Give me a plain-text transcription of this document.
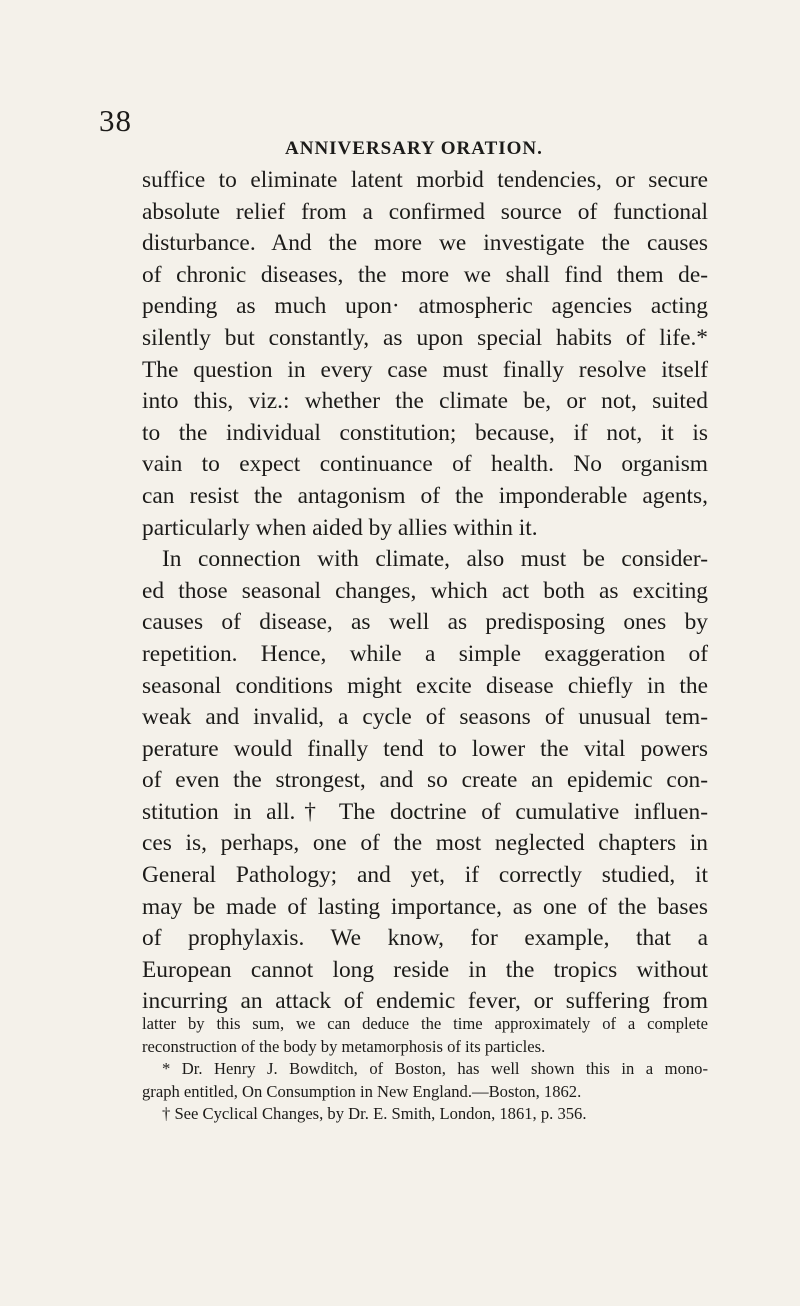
38
ANNIVERSARY ORATION.
suffice to eliminate latent morbid tendencies, or secure
absolute relief from a confirmed source of functional
disturbance. And the more we investigate the causes
of chronic diseases, the more we shall find them de-
pending as much upon· atmospheric agencies acting
silently but constantly, as upon special habits of life.*
The question in every case must finally resolve itself
into this, viz.: whether the climate be, or not, suited
to the individual constitution; because, if not, it is
vain to expect continuance of health. No organism
can resist the antagonism of the imponderable agents,
particularly when aided by allies within it.
In connection with climate, also must be consider-
ed those seasonal changes, which act both as exciting
causes of disease, as well as predisposing ones by
repetition. Hence, while a simple exaggeration of
seasonal conditions might excite disease chiefly in the
weak and invalid, a cycle of seasons of unusual tem-
perature would finally tend to lower the vital powers
of even the strongest, and so create an epidemic con-
stitution in all.† The doctrine of cumulative influen-
ces is, perhaps, one of the most neglected chapters in
General Pathology; and yet, if correctly studied, it
may be made of lasting importance, as one of the bases
of prophylaxis. We know, for example, that a
European cannot long reside in the tropics without
incurring an attack of endemic fever, or suffering from
latter by this sum, we can deduce the time approximately of a complete
reconstruction of the body by metamorphosis of its particles.
* Dr. Henry J. Bowditch, of Boston, has well shown this in a mono-
graph entitled, On Consumption in New England.—Boston, 1862.
† See Cyclical Changes, by Dr. E. Smith, London, 1861, p. 356.
